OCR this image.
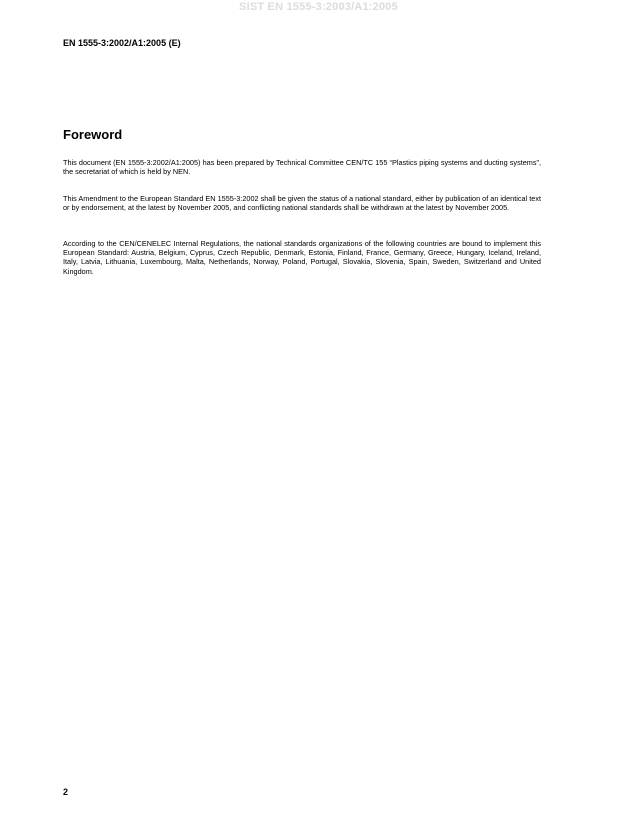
SIST EN 1555-3:2003/A1:2005
EN 1555-3:2002/A1:2005 (E)
Foreword

This document (EN 1555-3:2002/A1:2005) has been prepared by Technical Committee CEN/TC 155 “Plastics piping systems and ducting systems”, the secretariat of which is held by NEN.

This Amendment to the European Standard EN 1555-3:2002 shall be given the status of a national standard, either by publication of an identical text or by endorsement, at the latest by November 2005, and conflicting national standards shall be withdrawn at the latest by November 2005.

According to the CEN/CENELEC Internal Regulations, the national standards organizations of the following countries are bound to implement this European Standard: Austria, Belgium, Cyprus, Czech Republic, Denmark, Estonia, Finland, France, Germany, Greece, Hungary, Iceland, Ireland, Italy, Latvia, Lithuania, Luxembourg, Malta, Netherlands, Norway, Poland, Portugal, Slovakia, Slovenia, Spain, Sweden, Switzerland and United Kingdom.

2
